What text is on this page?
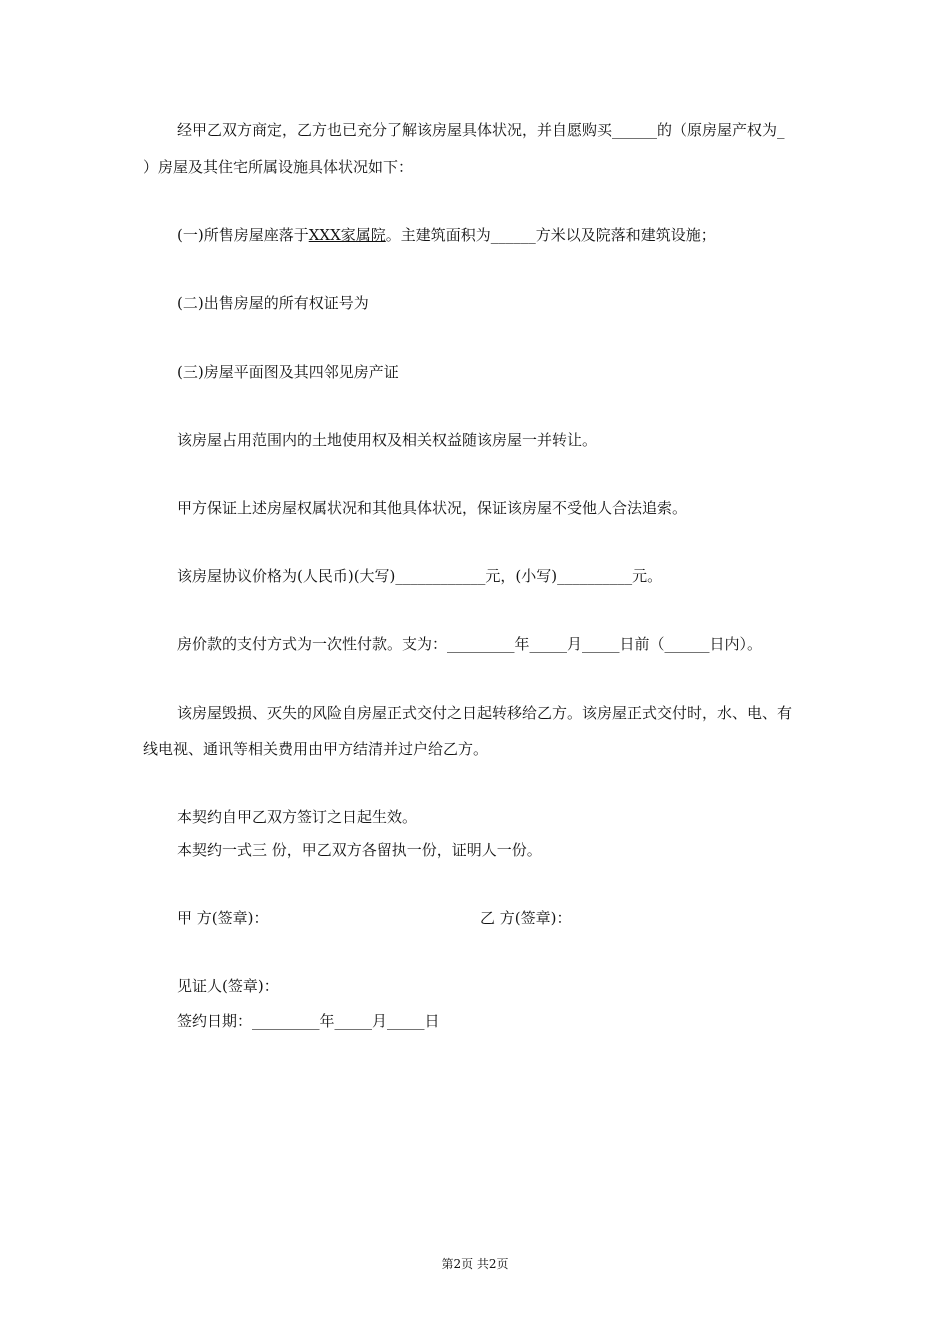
经甲乙双方商定，乙方也已充分了解该房屋具体状况，并自愿购买______的（原房屋产权为_
）房屋及其住宅所属设施具体状况如下：
(一)所售房屋座落于XXX家属院。主建筑面积为______方米以及院落和建筑设施；
(二)出售房屋的所有权证号为
(三)房屋平面图及其四邻见房产证
该房屋占用范围内的土地使用权及相关权益随该房屋一并转让。
甲方保证上述房屋权属状况和其他具体状况，保证该房屋不受他人合法追索。
该房屋协议价格为(人民币)(大写)____________元，(小写)__________元。
房价款的支付方式为一次性付款。支为：_________年_____月_____日前（______日内）。
该房屋毁损、灭失的风险自房屋正式交付之日起转移给乙方。该房屋正式交付时，水、电、有
线电视、通讯等相关费用由甲方结清并过户给乙方。
本契约自甲乙双方签订之日起生效。
本契约一式三 份，甲乙双方各留执一份，证明人一份。
甲 方(签章)：	乙 方(签章)：
见证人(签章)：
签约日期：_________年_____月_____日
第2页 共2页
